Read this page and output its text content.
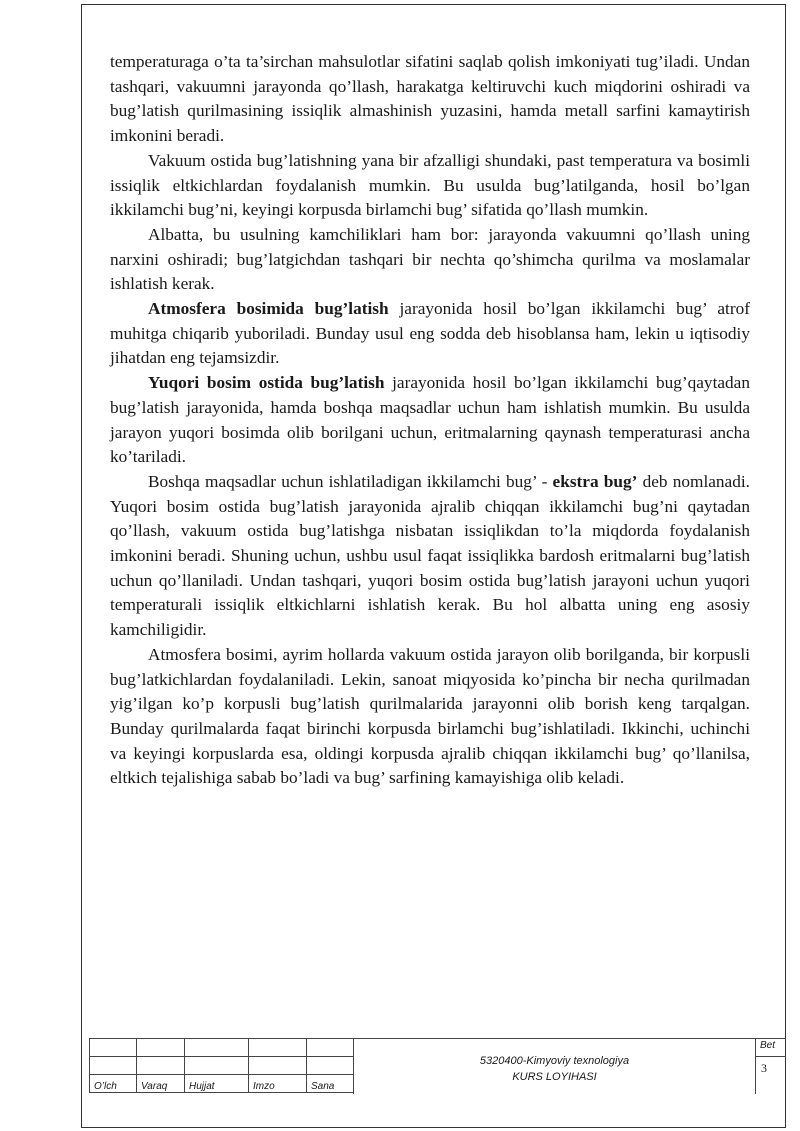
temperaturaga o’ta ta’sirchan mahsulotlar sifatini saqlab qolish imkoniyati tug’iladi. Undan tashqari, vakuumni jarayonda qo’llash, harakatga keltiruvchi kuch miqdorini oshiradi va bug’latish qurilmasining issiqlik almashinish yuzasini, hamda metall sarfini kamaytirish imkonini beradi.

Vakuum ostida bug’latishning yana bir afzalligi shundaki, past temperatura va bosimli issiqlik eltkichlardan foydalanish mumkin. Bu usulda bug’latilganda, hosil bo’lgan ikkilamchi bug’ni, keyingi korpusda birlamchi bug’ sifatida qo’llash mumkin.

Albatta, bu usulning kamchiliklari ham bor: jarayonda vakuumni qo’llash uning narxini oshiradi; bug’latgichdan tashqari bir nechta qo’shimcha qurilma va moslamalar ishlatish kerak.

Atmosfera bosimida bug’latish jarayonida hosil bo’lgan ikkilamchi bug’ atrof muhitga chiqarib yuboriladi. Bunday usul eng sodda deb hisoblansa ham, lekin u iqtisodiy jihatdan eng tejamsizdir.

Yuqori bosim ostida bug’latish jarayonida hosil bo’lgan ikkilamchi bug’qaytadan bug’latish jarayonida, hamda boshqa maqsadlar uchun ham ishlatish mumkin. Bu usulda jarayon yuqori bosimda olib borilgani uchun, eritmalarning qaynash temperaturasi ancha ko’tariladi.

Boshqa maqsadlar uchun ishlatiladigan ikkilamchi bug’ - ekstra bug’ deb nomlanadi. Yuqori bosim ostida bug’latish jarayonida ajralib chiqqan ikkilamchi bug’ni qaytadan qo’llash, vakuum ostida bug’latishga nisbatan issiqlikdan to’la miqdorda foydalanish imkonini beradi. Shuning uchun, ushbu usul faqat issiqlikka bardosh eritmalarni bug’latish uchun qo’llaniladi. Undan tashqari, yuqori bosim ostida bug’latish jarayoni uchun yuqori temperaturali issiqlik eltkichlarni ishlatish kerak. Bu hol albatta uning eng asosiy kamchiligidir.

Atmosfera bosimi, ayrim hollarda vakuum ostida jarayon olib borilganda, bir korpusli bug’latkichlardan foydalaniladi. Lekin, sanoat miqyosida ko’pincha bir necha qurilmadan yig’ilgan ko’p korpusli bug’latish qurilmalarida jarayonni olib borish keng tarqalgan. Bunday qurilmalarda faqat birinchi korpusda birlamchi bug’ishlatiladi. Ikkinchi, uchinchi va keyingi korpuslarda esa, oldingi korpusda ajralib chiqqan ikkilamchi bug’ qo’llanilsa, eltkich tejalishiga sabab bo’ladi va bug’ sarfining kamayishiga olib keladi.

O’lch	Varaq	Hujjat	Imzo	Sana
5320400-Kimyoviy texnologiya
KURS LOYIHASI
Bet
3
